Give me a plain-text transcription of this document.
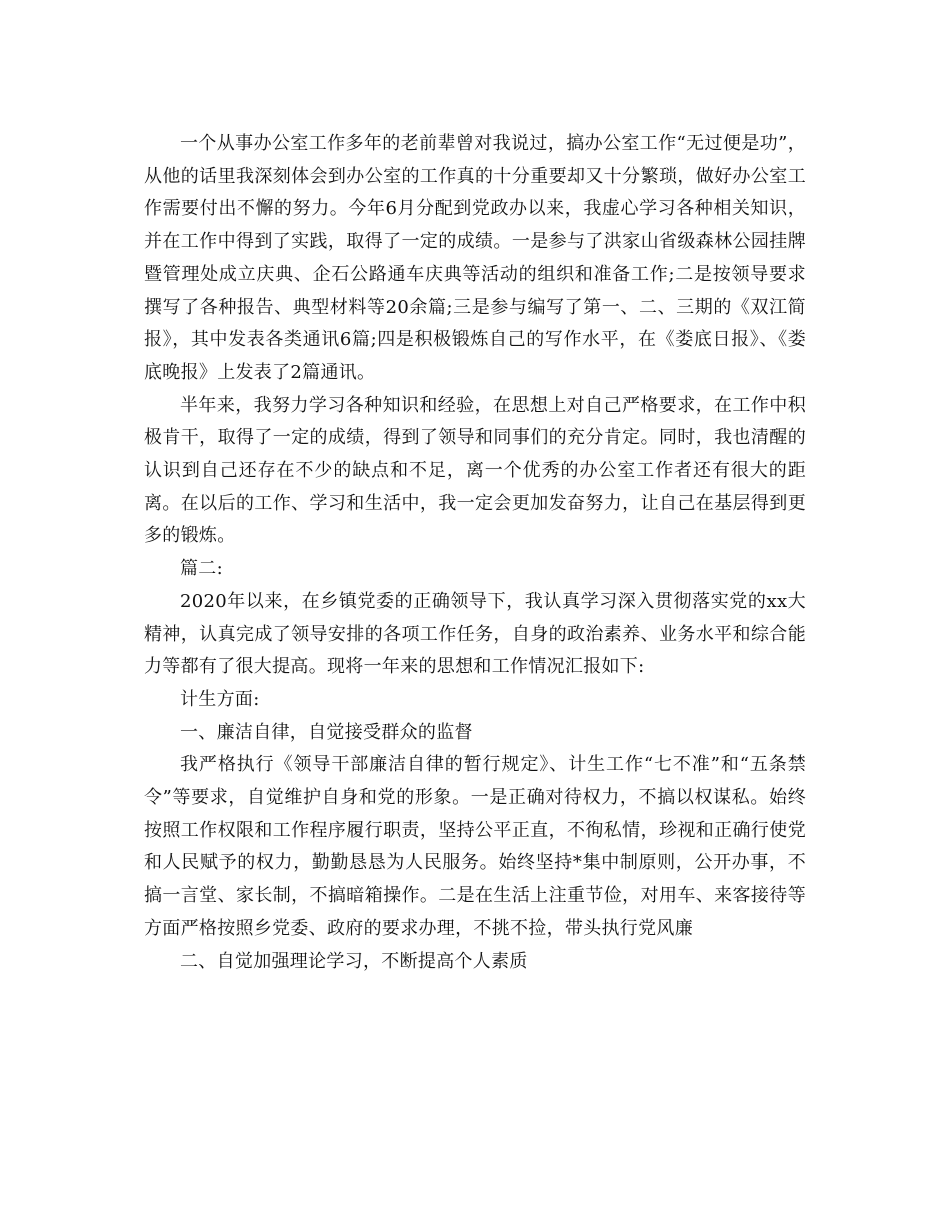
一个从事办公室工作多年的老前辈曾对我说过，搞办公室工作“无过便是功”，从他的话里我深刻体会到办公室的工作真的十分重要却又十分繁琐，做好办公室工作需要付出不懈的努力。今年6月分配到党政办以来，我虚心学习各种相关知识，并在工作中得到了实践，取得了一定的成绩。一是参与了洪家山省级森林公园挂牌暨管理处成立庆典、企石公路通车庆典等活动的组织和准备工作;二是按领导要求撰写了各种报告、典型材料等20余篇;三是参与编写了第一、二、三期的《双江简报》，其中发表各类通讯6篇;四是积极锻炼自己的写作水平，在《娄底日报》、《娄底晚报》上发表了2篇通讯。

半年来，我努力学习各种知识和经验，在思想上对自己严格要求，在工作中积极肯干，取得了一定的成绩，得到了领导和同事们的充分肯定。同时，我也清醒的认识到自己还存在不少的缺点和不足，离一个优秀的办公室工作者还有很大的距离。在以后的工作、学习和生活中，我一定会更加发奋努力，让自己在基层得到更多的锻炼。

篇二:

2020年以来，在乡镇党委的正确领导下，我认真学习深入贯彻落实党的xx大精神，认真完成了领导安排的各项工作任务，自身的政治素养、业务水平和综合能力等都有了很大提高。现将一年来的思想和工作情况汇报如下:

计生方面:

一、廉洁自律，自觉接受群众的监督

我严格执行《领导干部廉洁自律的暂行规定》、计生工作“七不准”和“五条禁令”等要求，自觉维护自身和党的形象。一是正确对待权力，不搞以权谋私。始终按照工作权限和工作程序履行职责，坚持公平正直，不徇私情，珍视和正确行使党和人民赋予的权力，勤勤恳恳为人民服务。始终坚持*集中制原则，公开办事，不搞一言堂、家长制，不搞暗箱操作。二是在生活上注重节俭，对用车、来客接待等方面严格按照乡党委、政府的要求办理，不挑不捡，带头执行党风廉

二、自觉加强理论学习，不断提高个人素质
